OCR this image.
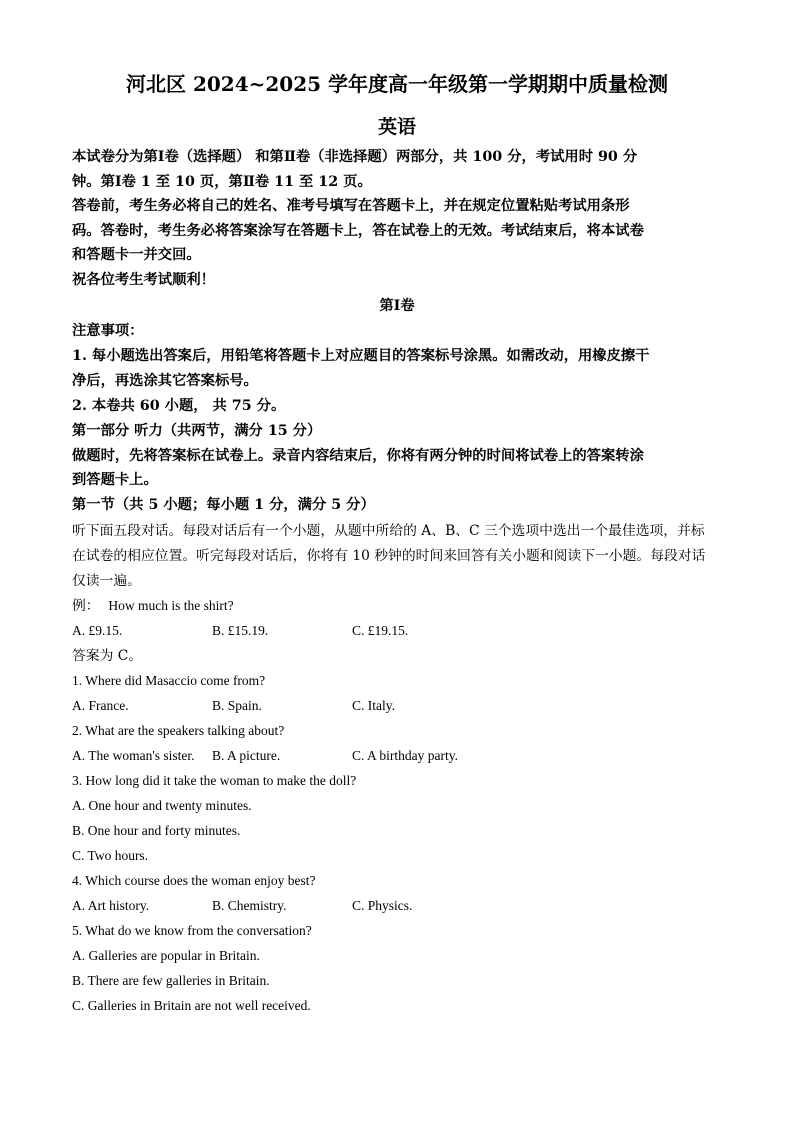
河北区 2024~2025 学年度高一年级第一学期期中质量检测
英语
本试卷分为第Ⅰ卷（选择题） 和第Ⅱ卷（非选择题）两部分，共 100 分，考试用时 90 分
钟。第Ⅰ卷 1 至 10 页，第Ⅱ卷 11 至 12 页。
答卷前，考生务必将自己的姓名、准考号填写在答题卡上，并在规定位置粘贴考试用条形
码。答卷时，考生务必将答案涂写在答题卡上，答在试卷上的无效。考试结束后，将本试卷
和答题卡一并交回。
祝各位考生考试顺利！
第Ⅰ卷
注意事项：
1. 每小题选出答案后，用铅笔将答题卡上对应题目的答案标号涂黑。如需改动，用橡皮擦干
净后，再选涂其它答案标号。
2. 本卷共 60 小题， 共 75 分。
第一部分 听力（共两节，满分 15 分）
做题时，先将答案标在试卷上。录音内容结束后，你将有两分钟的时间将试卷上的答案转涂
到答题卡上。
第一节（共 5 小题；每小题 1 分，满分 5 分）
听下面五段对话。每段对话后有一个小题，从题中所给的 A、B、C 三个选项中选出一个最佳选项，并标
在试卷的相应位置。听完每段对话后，你将有 10 秒钟的时间来回答有关小题和阅读下一小题。每段对话
仅读一遍。
例： How much is the shirt?
A. £9.15.	B. £15.19.	C. £19.15.
答案为 C。
1. Where did Masaccio come from?
A. France.	B. Spain.	C. Italy.
2. What are the speakers talking about?
A. The woman's sister. B. A picture.	C. A birthday party.
3. How long did it take the woman to make the doll?
A. One hour and twenty minutes.
B. One hour and forty minutes.
C. Two hours.
4. Which course does the woman enjoy best?
A. Art history.	B. Chemistry.	C. Physics.
5. What do we know from the conversation?
A. Galleries are popular in Britain.
B. There are few galleries in Britain.
C. Galleries in Britain are not well received.
